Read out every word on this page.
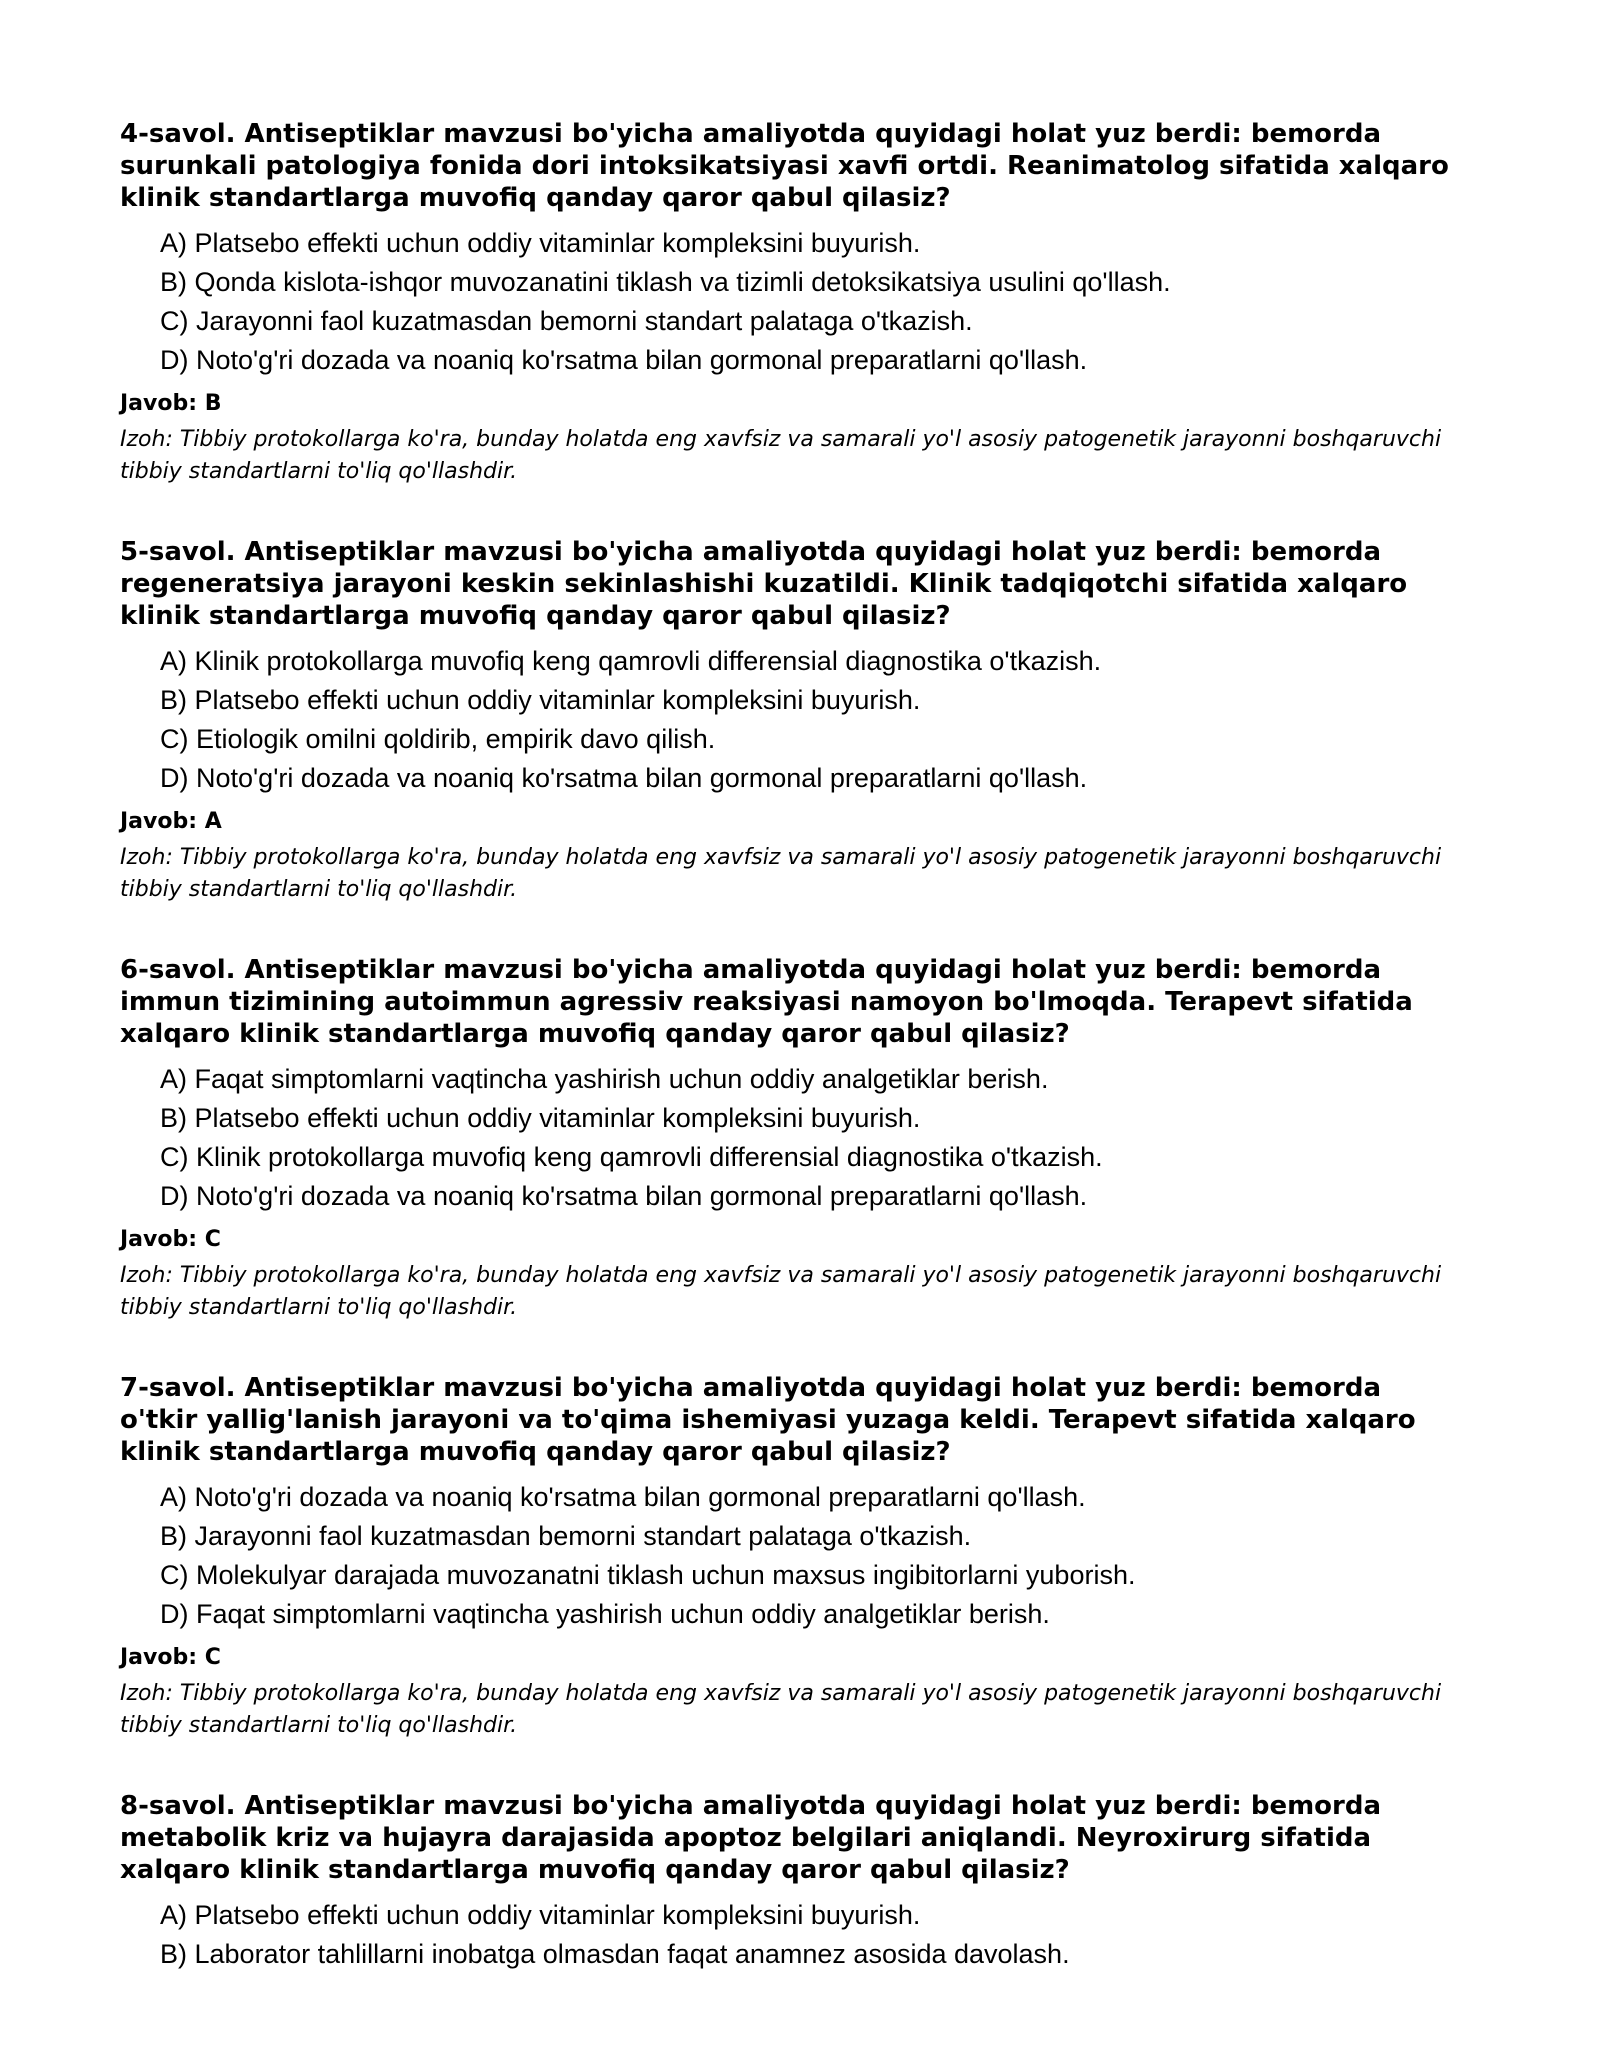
4-savol. Antiseptiklar mavzusi bo'yicha amaliyotda quyidagi holat yuz berdi: bemorda surunkali patologiya fonida dori intoksikatsiyasi xavfi ortdi. Reanimatolog sifatida xalqaro klinik standartlarga muvofiq qanday qaror qabul qilasiz?
A) Platsebo effekti uchun oddiy vitaminlar kompleksini buyurish.
B) Qonda kislota-ishqor muvozanatini tiklash va tizimli detoksikatsiya usulini qo'llash.
C) Jarayonni faol kuzatmasdan bemorni standart palataga o'tkazish.
D) Noto'g'ri dozada va noaniq ko'rsatma bilan gormonal preparatlarni qo'llash.
Javob: B
Izoh: Tibbiy protokollarga ko'ra, bunday holatda eng xavfsiz va samarali yo'l asosiy patogenetik jarayonni boshqaruvchi tibbiy standartlarni to'liq qo'llashdir.
5-savol. Antiseptiklar mavzusi bo'yicha amaliyotda quyidagi holat yuz berdi: bemorda regeneratsiya jarayoni keskin sekinlashishi kuzatildi. Klinik tadqiqotchi sifatida xalqaro klinik standartlarga muvofiq qanday qaror qabul qilasiz?
A) Klinik protokollarga muvofiq keng qamrovli differensial diagnostika o'tkazish.
B) Platsebo effekti uchun oddiy vitaminlar kompleksini buyurish.
C) Etiologik omilni qoldirib, empirik davo qilish.
D) Noto'g'ri dozada va noaniq ko'rsatma bilan gormonal preparatlarni qo'llash.
Javob: A
Izoh: Tibbiy protokollarga ko'ra, bunday holatda eng xavfsiz va samarali yo'l asosiy patogenetik jarayonni boshqaruvchi tibbiy standartlarni to'liq qo'llashdir.
6-savol. Antiseptiklar mavzusi bo'yicha amaliyotda quyidagi holat yuz berdi: bemorda immun tizimining autoimmun agressiv reaksiyasi namoyon bo'lmoqda. Terapevt sifatida xalqaro klinik standartlarga muvofiq qanday qaror qabul qilasiz?
A) Faqat simptomlarni vaqtincha yashirish uchun oddiy analgetiklar berish.
B) Platsebo effekti uchun oddiy vitaminlar kompleksini buyurish.
C) Klinik protokollarga muvofiq keng qamrovli differensial diagnostika o'tkazish.
D) Noto'g'ri dozada va noaniq ko'rsatma bilan gormonal preparatlarni qo'llash.
Javob: C
Izoh: Tibbiy protokollarga ko'ra, bunday holatda eng xavfsiz va samarali yo'l asosiy patogenetik jarayonni boshqaruvchi tibbiy standartlarni to'liq qo'llashdir.
7-savol. Antiseptiklar mavzusi bo'yicha amaliyotda quyidagi holat yuz berdi: bemorda o'tkir yallig'lanish jarayoni va to'qima ishemiyasi yuzaga keldi. Terapevt sifatida xalqaro klinik standartlarga muvofiq qanday qaror qabul qilasiz?
A) Noto'g'ri dozada va noaniq ko'rsatma bilan gormonal preparatlarni qo'llash.
B) Jarayonni faol kuzatmasdan bemorni standart palataga o'tkazish.
C) Molekulyar darajada muvozanatni tiklash uchun maxsus ingibitorlarni yuborish.
D) Faqat simptomlarni vaqtincha yashirish uchun oddiy analgetiklar berish.
Javob: C
Izoh: Tibbiy protokollarga ko'ra, bunday holatda eng xavfsiz va samarali yo'l asosiy patogenetik jarayonni boshqaruvchi tibbiy standartlarni to'liq qo'llashdir.
8-savol. Antiseptiklar mavzusi bo'yicha amaliyotda quyidagi holat yuz berdi: bemorda metabolik kriz va hujayra darajasida apoptoz belgilari aniqlandi. Neyroxirurg sifatida xalqaro klinik standartlarga muvofiq qanday qaror qabul qilasiz?
A) Platsebo effekti uchun oddiy vitaminlar kompleksini buyurish.
B) Laborator tahlillarni inobatga olmasdan faqat anamnez asosida davolash.
